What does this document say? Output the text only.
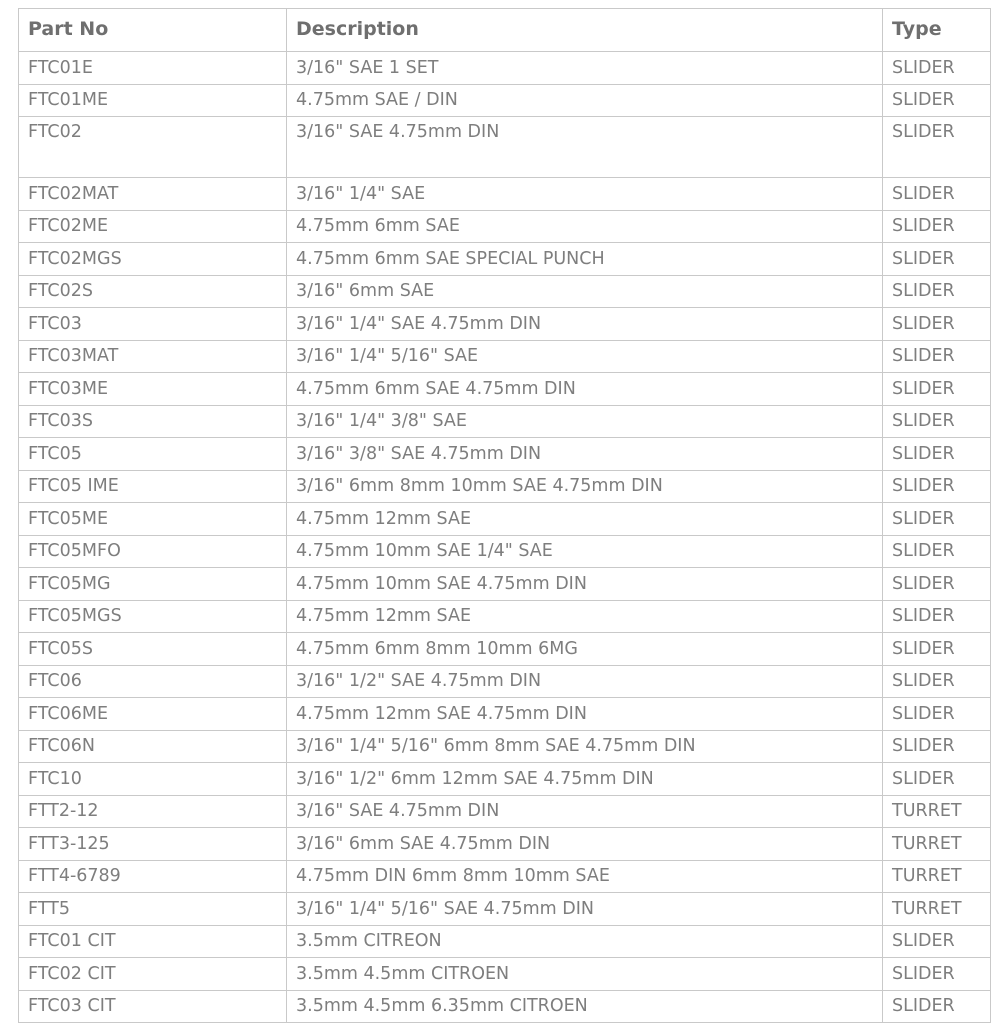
Part No	Description	Type
FTC01E	3/16" SAE 1 SET	SLIDER
FTC01ME	4.75mm SAE / DIN	SLIDER
FTC02	3/16" SAE 4.75mm DIN	SLIDER
FTC02MAT	3/16" 1/4" SAE	SLIDER
FTC02ME	4.75mm 6mm SAE	SLIDER
FTC02MGS	4.75mm 6mm SAE SPECIAL PUNCH	SLIDER
FTC02S	3/16" 6mm SAE	SLIDER
FTC03	3/16" 1/4" SAE 4.75mm DIN	SLIDER
FTC03MAT	3/16" 1/4" 5/16" SAE	SLIDER
FTC03ME	4.75mm 6mm SAE 4.75mm DIN	SLIDER
FTC03S	3/16" 1/4" 3/8" SAE	SLIDER
FTC05	3/16" 3/8" SAE 4.75mm DIN	SLIDER
FTC05 IME	3/16" 6mm 8mm 10mm SAE 4.75mm DIN	SLIDER
FTC05ME	4.75mm 12mm SAE	SLIDER
FTC05MFO	4.75mm 10mm SAE 1/4" SAE	SLIDER
FTC05MG	4.75mm 10mm SAE 4.75mm DIN	SLIDER
FTC05MGS	4.75mm 12mm SAE	SLIDER
FTC05S	4.75mm 6mm 8mm 10mm 6MG	SLIDER
FTC06	3/16" 1/2" SAE 4.75mm DIN	SLIDER
FTC06ME	4.75mm 12mm SAE 4.75mm DIN	SLIDER
FTC06N	3/16" 1/4" 5/16" 6mm 8mm SAE 4.75mm DIN	SLIDER
FTC10	3/16" 1/2" 6mm 12mm SAE 4.75mm DIN	SLIDER
FTT2-12	3/16" SAE 4.75mm DIN	TURRET
FTT3-125	3/16" 6mm SAE 4.75mm DIN	TURRET
FTT4-6789	4.75mm DIN 6mm 8mm 10mm SAE	TURRET
FTT5	3/16" 1/4" 5/16" SAE 4.75mm DIN	TURRET
FTC01 CIT	3.5mm CITREON	SLIDER
FTC02 CIT	3.5mm 4.5mm CITROEN	SLIDER
FTC03 CIT	3.5mm 4.5mm 6.35mm CITROEN	SLIDER
